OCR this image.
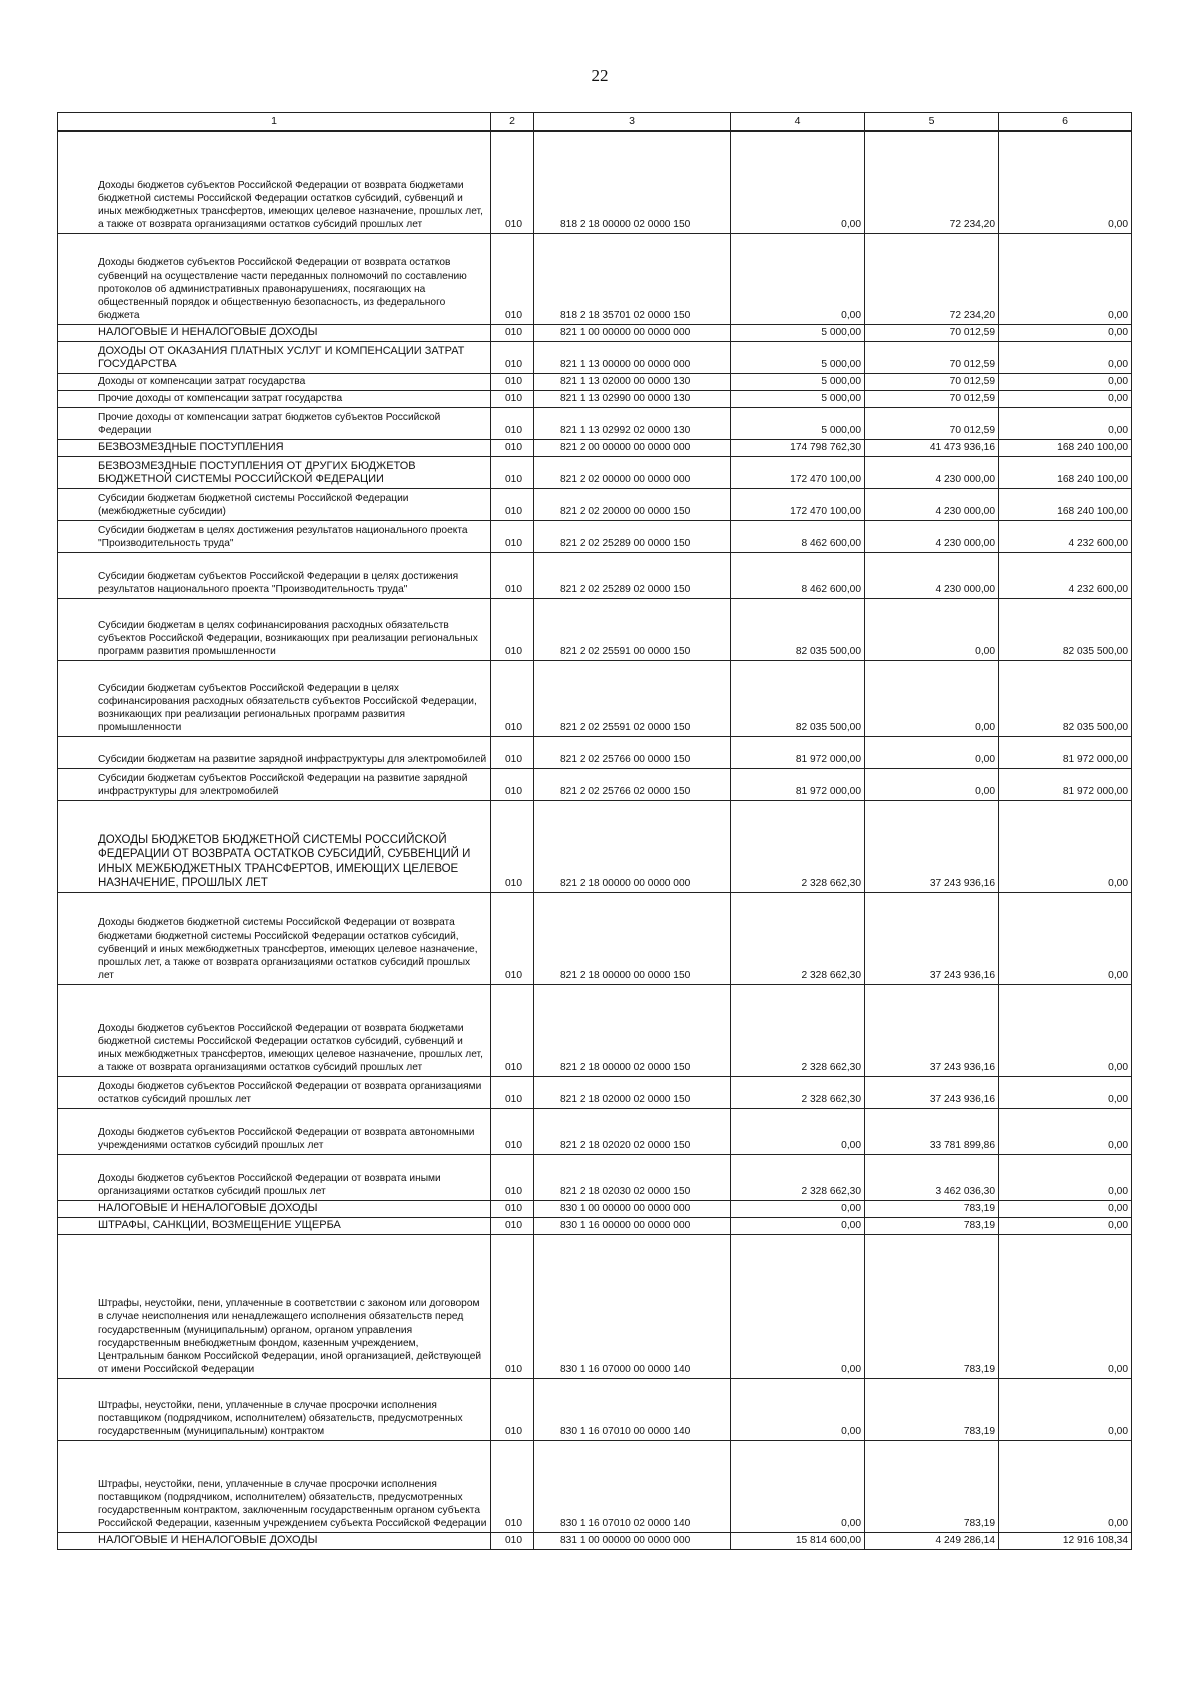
22
1	2	3	4	5	6
Доходы бюджетов субъектов Российской Федерации от возврата бюджетами бюджетной системы Российской Федерации остатков субсидий, субвенций и иных межбюджетных трансфертов, имеющих целевое назначение, прошлых лет, а также от возврата организациями остатков субсидий прошлых лет	010	818 2 18 00000 02 0000 150	0,00	72 234,20	0,00
Доходы бюджетов субъектов Российской Федерации от возврата остатков субвенций на осуществление части переданных полномочий по составлению протоколов об административных правонарушениях, посягающих на общественный порядок и общественную безопасность, из федерального бюджета	010	818 2 18 35701 02 0000 150	0,00	72 234,20	0,00
НАЛОГОВЫЕ И НЕНАЛОГОВЫЕ ДОХОДЫ	010	821 1 00 00000 00 0000 000	5 000,00	70 012,59	0,00
ДОХОДЫ ОТ ОКАЗАНИЯ ПЛАТНЫХ УСЛУГ И КОМПЕНСАЦИИ ЗАТРАТ ГОСУДАРСТВА	010	821 1 13 00000 00 0000 000	5 000,00	70 012,59	0,00
Доходы от компенсации затрат государства	010	821 1 13 02000 00 0000 130	5 000,00	70 012,59	0,00
Прочие доходы от компенсации затрат государства	010	821 1 13 02990 00 0000 130	5 000,00	70 012,59	0,00
Прочие доходы от компенсации затрат бюджетов субъектов Российской Федерации	010	821 1 13 02992 02 0000 130	5 000,00	70 012,59	0,00
БЕЗВОЗМЕЗДНЫЕ ПОСТУПЛЕНИЯ	010	821 2 00 00000 00 0000 000	174 798 762,30	41 473 936,16	168 240 100,00
БЕЗВОЗМЕЗДНЫЕ ПОСТУПЛЕНИЯ ОТ ДРУГИХ БЮДЖЕТОВ БЮДЖЕТНОЙ СИСТЕМЫ РОССИЙСКОЙ ФЕДЕРАЦИИ	010	821 2 02 00000 00 0000 000	172 470 100,00	4 230 000,00	168 240 100,00
Субсидии бюджетам бюджетной системы Российской Федерации (межбюджетные субсидии)	010	821 2 02 20000 00 0000 150	172 470 100,00	4 230 000,00	168 240 100,00
Субсидии бюджетам в целях достижения результатов национального проекта "Производительность труда"	010	821 2 02 25289 00 0000 150	8 462 600,00	4 230 000,00	4 232 600,00
Субсидии бюджетам субъектов Российской Федерации в целях достижения результатов национального проекта "Производительность труда"	010	821 2 02 25289 02 0000 150	8 462 600,00	4 230 000,00	4 232 600,00
Субсидии бюджетам в целях софинансирования расходных обязательств субъектов Российской Федерации, возникающих при реализации региональных программ развития промышленности	010	821 2 02 25591 00 0000 150	82 035 500,00	0,00	82 035 500,00
Субсидии бюджетам субъектов Российской Федерации в целях софинансирования расходных обязательств субъектов Российской Федерации, возникающих при реализации региональных программ развития промышленности	010	821 2 02 25591 02 0000 150	82 035 500,00	0,00	82 035 500,00
Субсидии бюджетам на развитие зарядной инфраструктуры для электромобилей	010	821 2 02 25766 00 0000 150	81 972 000,00	0,00	81 972 000,00
Субсидии бюджетам субъектов Российской Федерации на развитие зарядной инфраструктуры для электромобилей	010	821 2 02 25766 02 0000 150	81 972 000,00	0,00	81 972 000,00
ДОХОДЫ БЮДЖЕТОВ БЮДЖЕТНОЙ СИСТЕМЫ РОССИЙСКОЙ ФЕДЕРАЦИИ ОТ ВОЗВРАТА ОСТАТКОВ СУБСИДИЙ, СУБВЕНЦИЙ И ИНЫХ МЕЖБЮДЖЕТНЫХ ТРАНСФЕРТОВ, ИМЕЮЩИХ ЦЕЛЕВОЕ НАЗНАЧЕНИЕ, ПРОШЛЫХ ЛЕТ	010	821 2 18 00000 00 0000 000	2 328 662,30	37 243 936,16	0,00
Доходы бюджетов бюджетной системы Российской Федерации от возврата бюджетами бюджетной системы Российской Федерации остатков субсидий, субвенций и иных межбюджетных трансфертов, имеющих целевое назначение, прошлых лет, а также от возврата организациями остатков субсидий прошлых лет	010	821 2 18 00000 00 0000 150	2 328 662,30	37 243 936,16	0,00
Доходы бюджетов субъектов Российской Федерации от возврата бюджетами бюджетной системы Российской Федерации остатков субсидий, субвенций и иных межбюджетных трансфертов, имеющих целевое назначение, прошлых лет, а также от возврата организациями остатков субсидий прошлых лет	010	821 2 18 00000 02 0000 150	2 328 662,30	37 243 936,16	0,00
Доходы бюджетов субъектов Российской Федерации от возврата организациями остатков субсидий прошлых лет	010	821 2 18 02000 02 0000 150	2 328 662,30	37 243 936,16	0,00
Доходы бюджетов субъектов Российской Федерации от возврата автономными учреждениями остатков субсидий прошлых лет	010	821 2 18 02020 02 0000 150	0,00	33 781 899,86	0,00
Доходы бюджетов субъектов Российской Федерации от возврата иными организациями остатков субсидий прошлых лет	010	821 2 18 02030 02 0000 150	2 328 662,30	3 462 036,30	0,00
НАЛОГОВЫЕ И НЕНАЛОГОВЫЕ ДОХОДЫ	010	830 1 00 00000 00 0000 000	0,00	783,19	0,00
ШТРАФЫ, САНКЦИИ, ВОЗМЕЩЕНИЕ УЩЕРБА	010	830 1 16 00000 00 0000 000	0,00	783,19	0,00
Штрафы, неустойки, пени, уплаченные в соответствии с законом или договором в случае неисполнения или ненадлежащего исполнения обязательств перед государственным (муниципальным) органом, органом управления государственным внебюджетным фондом, казенным учреждением, Центральным банком Российской Федерации, иной организацией, действующей от имени Российской Федерации	010	830 1 16 07000 00 0000 140	0,00	783,19	0,00
Штрафы, неустойки, пени, уплаченные в случае просрочки исполнения поставщиком (подрядчиком, исполнителем) обязательств, предусмотренных государственным (муниципальным) контрактом	010	830 1 16 07010 00 0000 140	0,00	783,19	0,00
Штрафы, неустойки, пени, уплаченные в случае просрочки исполнения поставщиком (подрядчиком, исполнителем) обязательств, предусмотренных государственным контрактом, заключенным государственным органом субъекта Российской Федерации, казенным учреждением субъекта Российской Федерации	010	830 1 16 07010 02 0000 140	0,00	783,19	0,00
НАЛОГОВЫЕ И НЕНАЛОГОВЫЕ ДОХОДЫ	010	831 1 00 00000 00 0000 000	15 814 600,00	4 249 286,14	12 916 108,34
